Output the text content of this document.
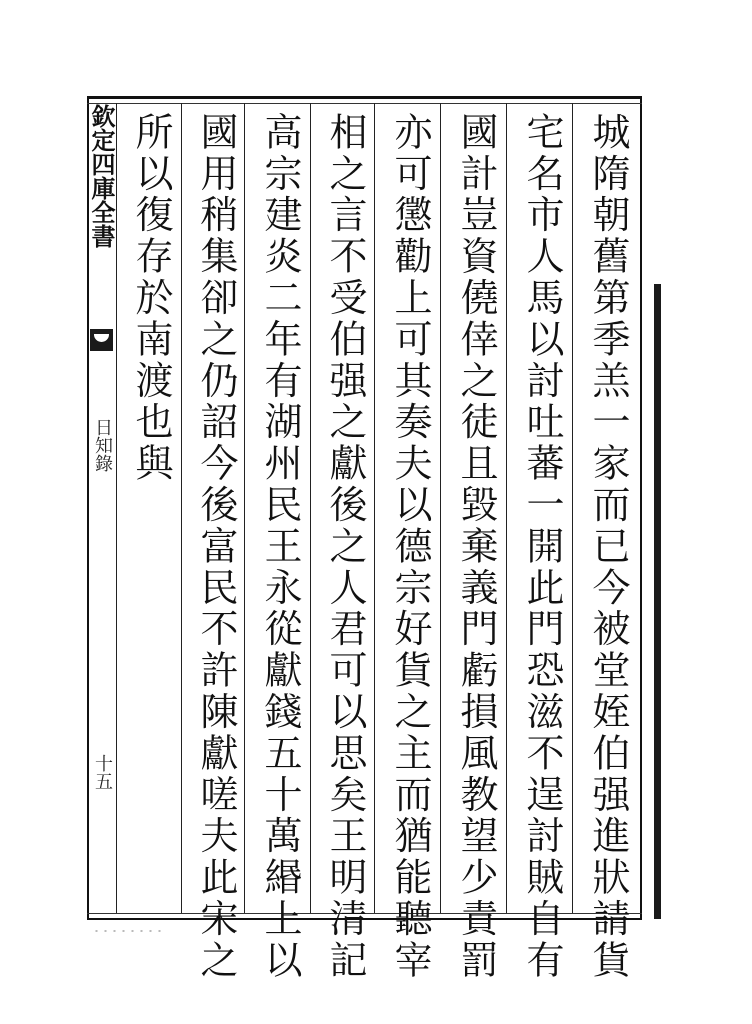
欽定四庫全書
日知錄
十五	城隋朝舊第季羔一家而已今被堂姪伯强進狀請貨
宅名市人馬以討吐蕃一開此門恐滋不逞討賊自有
國計豈資僥倖之徒且毀棄義門虧損風教望少責罰
亦可懲勸上可其奏夫以德宗好貨之主而猶能聽宰
相之言不受伯强之獻後之人君可以思矣王明清記
高宗建炎二年有湖州民王永從獻錢五十萬緡上以
國用稍集卻之仍詔今後富民不許陳獻嗟夫此宋之
所以復存於南渡也與
